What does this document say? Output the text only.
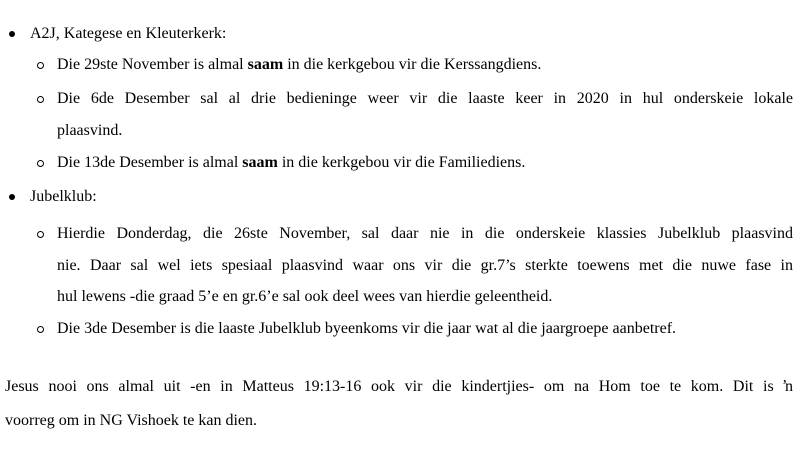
A2J, Kategese en Kleuterkerk:
Die 29ste November is almal saam in die kerkgebou vir die Kerssangdiens.
Die 6de Desember sal al drie bedieninge weer vir die laaste keer in 2020 in hul onderskeie lokale
plaasvind.
Die 13de Desember is almal saam in die kerkgebou vir die Familiediens.
Jubelklub:
Hierdie Donderdag, die 26ste November, sal daar nie in die onderskeie klassies Jubelklub plaasvind
nie. Daar sal wel iets spesiaal plaasvind waar ons vir die gr.7’s sterkte toewens met die nuwe fase in
hul lewens -die graad 5’e en gr.6’e sal ook deel wees van hierdie geleentheid.
Die 3de Desember is die laaste Jubelklub byeenkoms vir die jaar wat al die jaargroepe aanbetref.
Jesus nooi ons almal uit -en in Matteus 19:13-16 ook vir die kindertjies- om na Hom toe te kom. Dit is ŉ
voorreg om in NG Vishoek te kan dien.
